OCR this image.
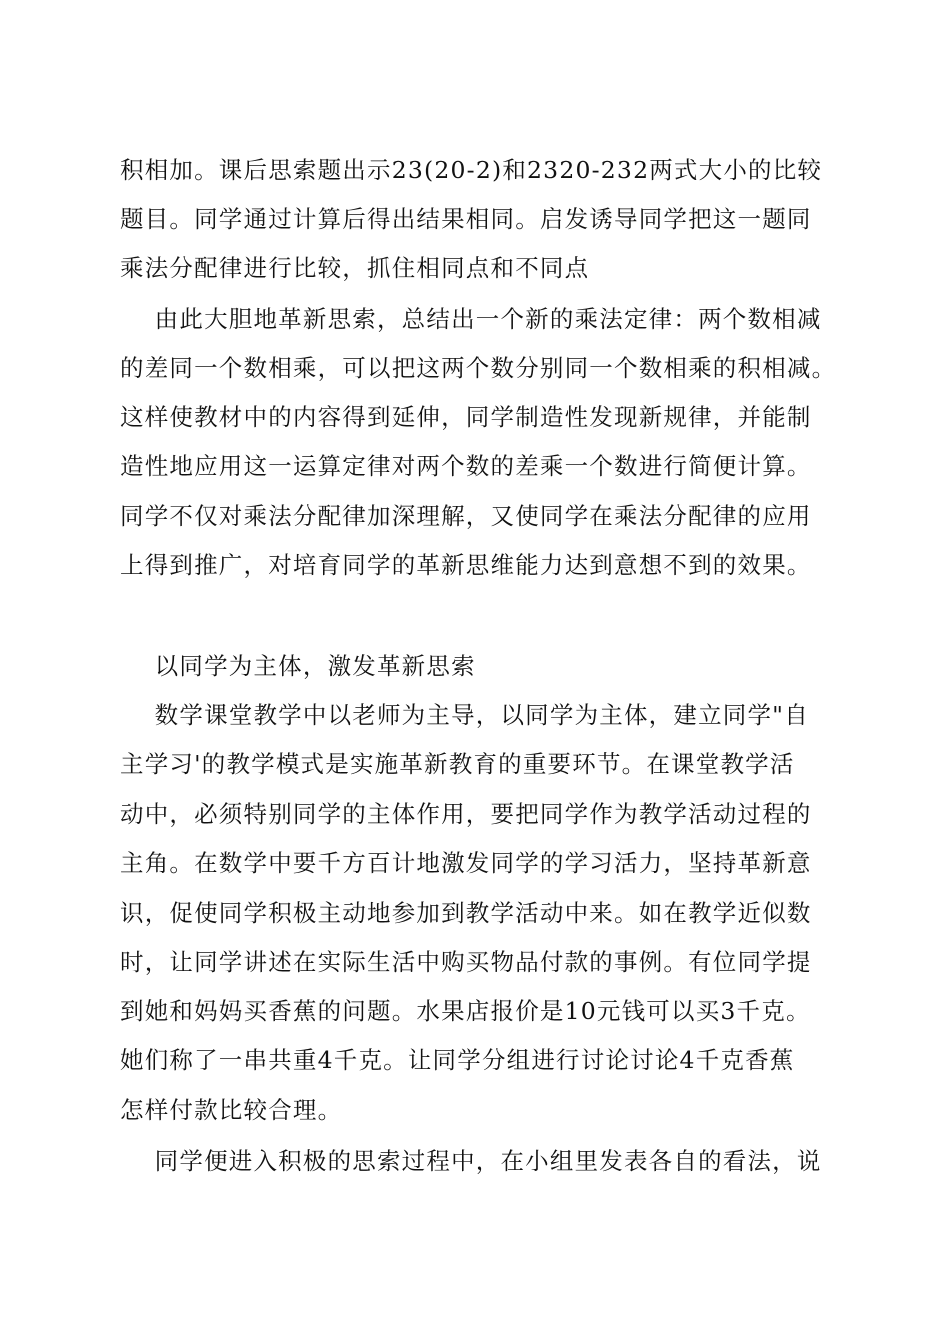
积相加。课后思索题出示23(20-2)和2320-232两式大小的比较
题目。同学通过计算后得出结果相同。启发诱导同学把这一题同
乘法分配律进行比较，抓住相同点和不同点
由此大胆地革新思索，总结出一个新的乘法定律：两个数相减
的差同一个数相乘，可以把这两个数分别同一个数相乘的积相减。
这样使教材中的内容得到延伸，同学制造性发现新规律，并能制
造性地应用这一运算定律对两个数的差乘一个数进行简便计算。
同学不仅对乘法分配律加深理解，又使同学在乘法分配律的应用
上得到推广，对培育同学的革新思维能力达到意想不到的效果。
以同学为主体，激发革新思索
数学课堂教学中以老师为主导，以同学为主体，建立同学"自
主学习'的教学模式是实施革新教育的重要环节。在课堂教学活
动中，必须特别同学的主体作用，要把同学作为教学活动过程的
主角。在数学中要千方百计地激发同学的学习活力，坚持革新意
识，促使同学积极主动地参加到教学活动中来。如在教学近似数
时，让同学讲述在实际生活中购买物品付款的事例。有位同学提
到她和妈妈买香蕉的问题。水果店报价是10元钱可以买3千克。
她们称了一串共重4千克。让同学分组进行讨论讨论4千克香蕉
怎样付款比较合理。
同学便进入积极的思索过程中，在小组里发表各自的看法，说
